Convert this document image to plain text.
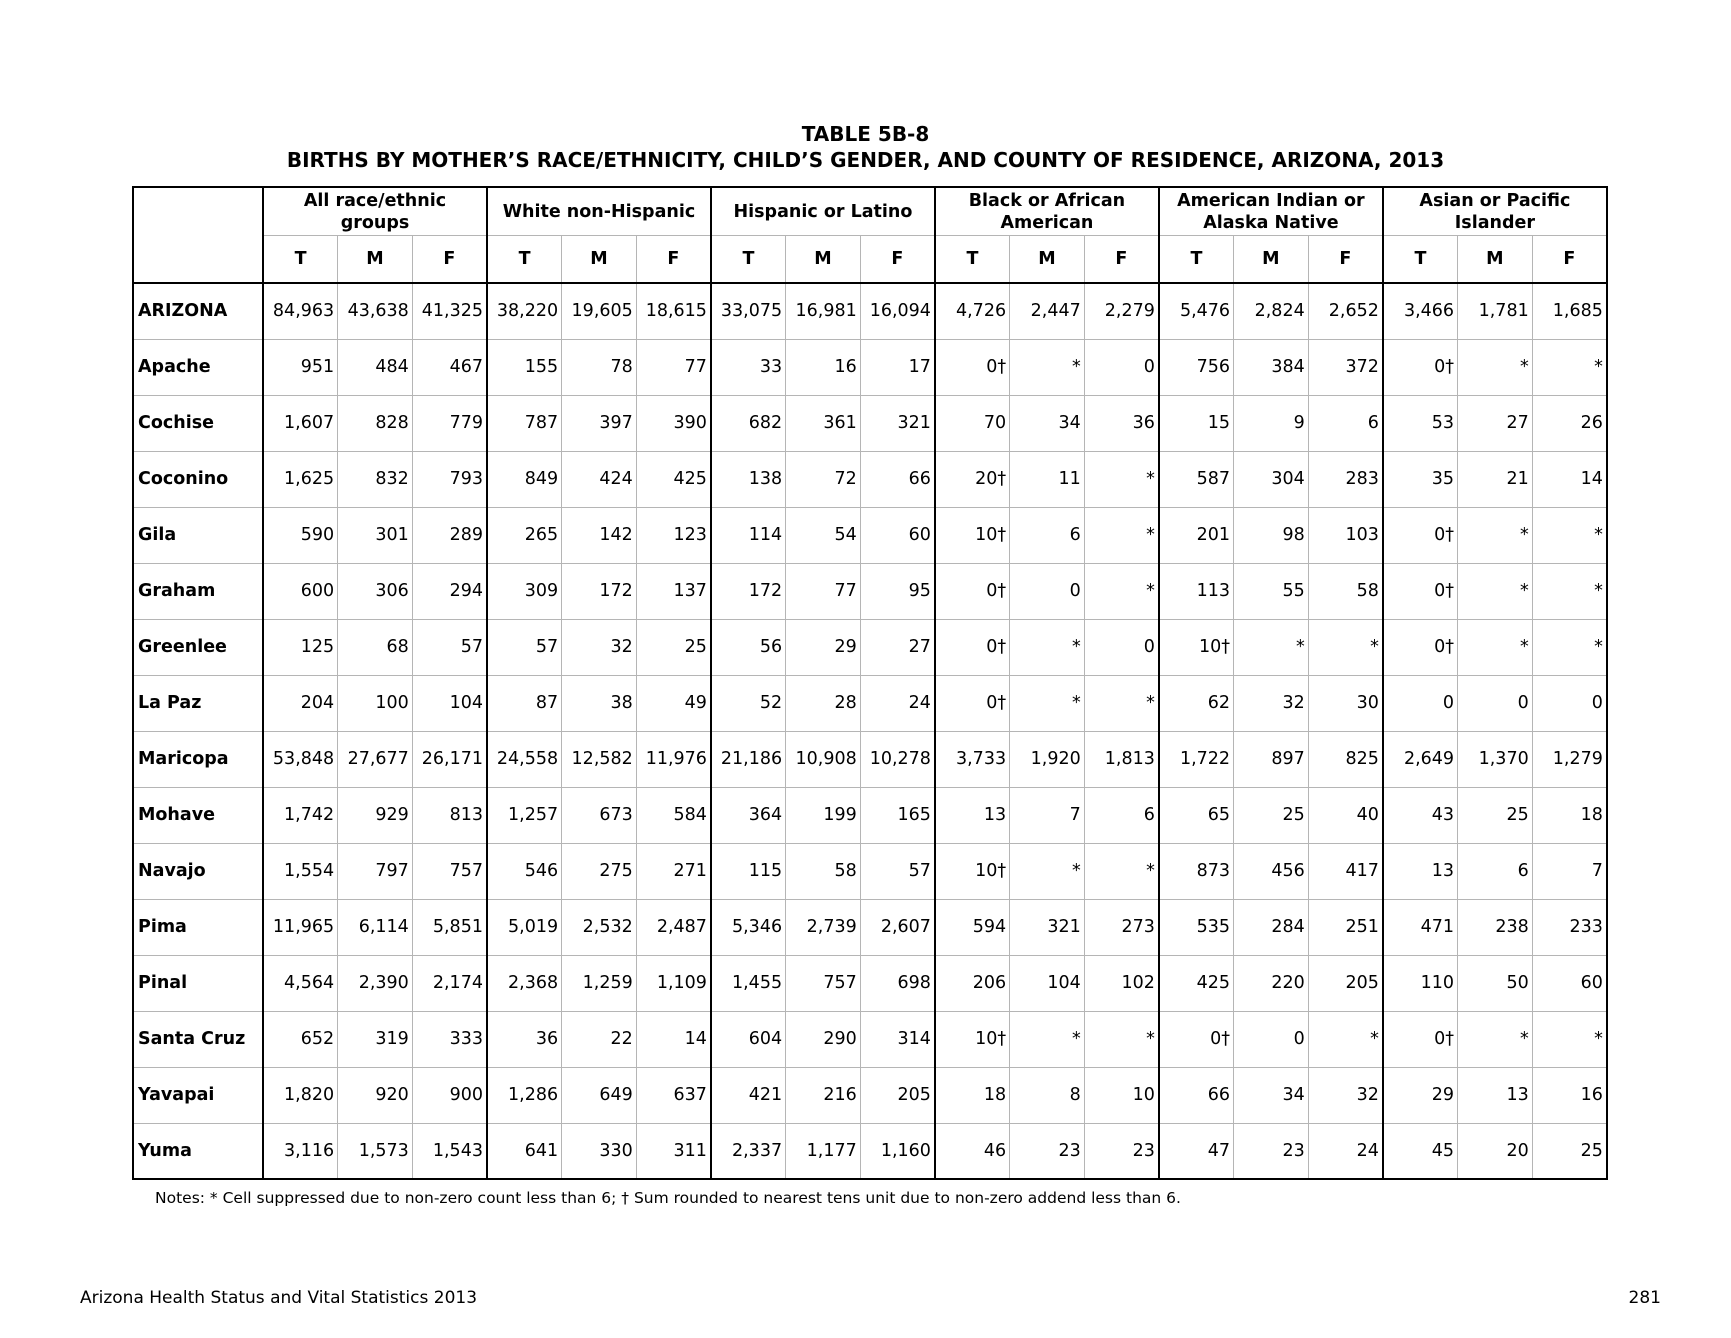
TABLE 5B-8
BIRTHS BY MOTHER’S RACE/ETHNICITY, CHILD’S GENDER, AND COUNTY OF RESIDENCE, ARIZONA, 2013
	All race/ethnic groups			White non-Hispanic			Hispanic or Latino			Black or African American			American Indian or Alaska Native			Asian or Pacific Islander		
	T	M	F	T	M	F	T	M	F	T	M	F	T	M	F	T	M	F
ARIZONA	84,963	43,638	41,325	38,220	19,605	18,615	33,075	16,981	16,094	4,726	2,447	2,279	5,476	2,824	2,652	3,466	1,781	1,685
Apache	951	484	467	155	78	77	33	16	17	0†	*	0	756	384	372	0†	*	*
Cochise	1,607	828	779	787	397	390	682	361	321	70	34	36	15	9	6	53	27	26
Coconino	1,625	832	793	849	424	425	138	72	66	20†	11	*	587	304	283	35	21	14
Gila	590	301	289	265	142	123	114	54	60	10†	6	*	201	98	103	0†	*	*
Graham	600	306	294	309	172	137	172	77	95	0†	0	*	113	55	58	0†	*	*
Greenlee	125	68	57	57	32	25	56	29	27	0†	*	0	10†	*	*	0†	*	*
La Paz	204	100	104	87	38	49	52	28	24	0†	*	*	62	32	30	0	0	0
Maricopa	53,848	27,677	26,171	24,558	12,582	11,976	21,186	10,908	10,278	3,733	1,920	1,813	1,722	897	825	2,649	1,370	1,279
Mohave	1,742	929	813	1,257	673	584	364	199	165	13	7	6	65	25	40	43	25	18
Navajo	1,554	797	757	546	275	271	115	58	57	10†	*	*	873	456	417	13	6	7
Pima	11,965	6,114	5,851	5,019	2,532	2,487	5,346	2,739	2,607	594	321	273	535	284	251	471	238	233
Pinal	4,564	2,390	2,174	2,368	1,259	1,109	1,455	757	698	206	104	102	425	220	205	110	50	60
Santa Cruz	652	319	333	36	22	14	604	290	314	10†	*	*	0†	0	*	0†	*	*
Yavapai	1,820	920	900	1,286	649	637	421	216	205	18	8	10	66	34	32	29	13	16
Yuma	3,116	1,573	1,543	641	330	311	2,337	1,177	1,160	46	23	23	47	23	24	45	20	25
Notes: * Cell suppressed due to non-zero count less than 6; † Sum rounded to nearest tens unit due to non-zero addend less than 6.
Arizona Health Status and Vital Statistics 2013	281
